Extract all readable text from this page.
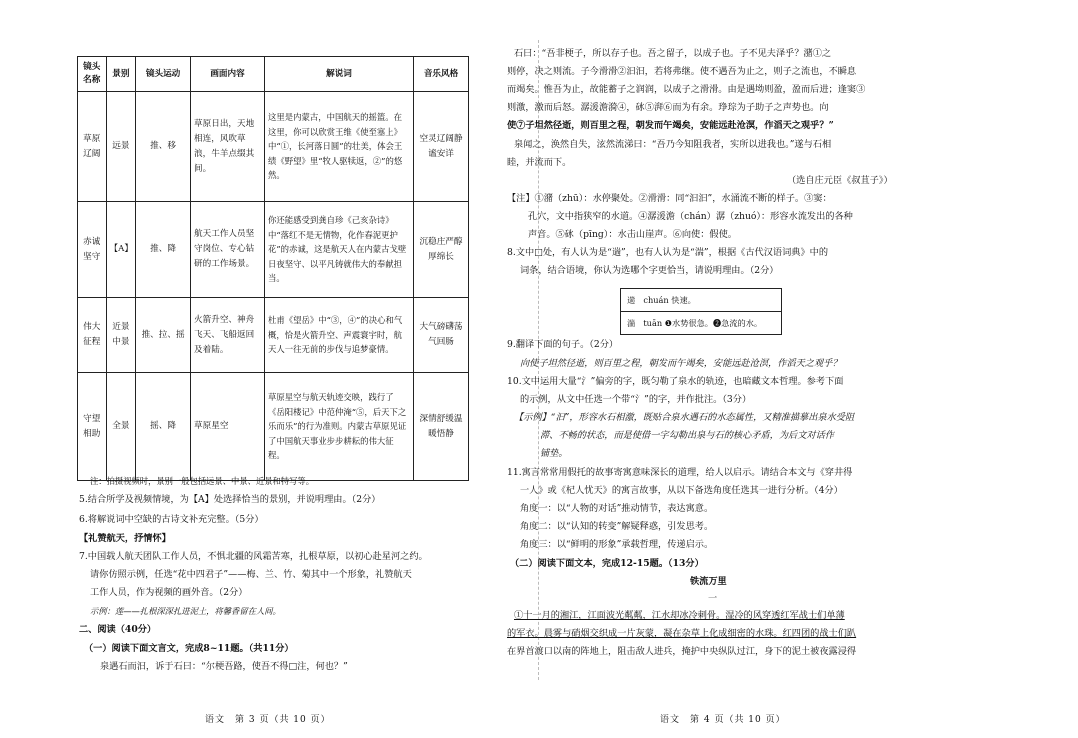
镜头名称	景别	镜头运动	画面内容	解说词	音乐风格
草原辽阔	远景	推、移	草原日出，天地相连，风吹草浪，牛羊点缀其间。	这里是内蒙古，中国航天的摇篮。在这里，你可以欣赏王维《使至塞上》中“①，长河落日圆”的壮美，体会王绩《野望》里“牧人驱犊返，②”的悠然。	空灵辽阔静谧安详
赤诚坚守	【A】	推、降	航天工作人员坚守岗位、专心钻研的工作场景。	你还能感受到龚自珍《己亥杂诗》中“落红不是无情物，化作春泥更护花”的赤诚，这是航天人在内蒙古戈壁日夜坚守、以平凡铸就伟大的奉献担当。	沉稳庄严醇厚绵长
伟大征程	近景中景	推、拉、摇	火箭升空、神舟飞天、飞船返回及着陆。	杜甫《望岳》中“③，④”的决心和气概，恰是火箭升空、声震寰宇时，航天人一往无前的步伐与追梦豪情。	大气磅礴荡气回肠
守望相助	全景	摇、降	草原星空	草原星空与航天轨迹交映，践行了《岳阳楼记》中范仲淹“⑤，后天下之乐而乐”的行为准则。内蒙古草原见证了中国航天事业步步耕耘的伟大征程。	深情舒缓温暖悟静
注：拍摄视频时，景别一般包括远景、中景、近景和特写等。
5.结合所学及视频情境，为【A】处选择恰当的景别，并说明理由。（2分）
6.将解说词中空缺的古诗文补充完整。（5分）
【礼赞航天，抒情怀】
7.中国载人航天团队工作人员，不惧北疆的风霜苦寒，扎根草原，以初心赴星河之约。
请你仿照示例，任选“花中四君子”——梅、兰、竹、菊其中一个形象，礼赞航天
工作人员，作为视频的画外音。（2分）
示例：莲——扎根深深扎进泥土，将馨香留在人间。
二、阅读（40分）
（一）阅读下面文言文，完成8~11题。（共11分）
泉遇石而汩，诉于石曰：“尔梗吾路，使吾不得□注，何也？”
语文　第 3 页（共 10 页）
石曰：“吾非梗子，所以存子也。吾之留子，以成子也。子不见夫泽乎？潴①之
则停，决之则流。子今滑滑②汩汩，若将弗继。使不遇吾为止之，则子之流也，不瞬息
而竭矣。惟吾为止，故能蓄子之润润，以成子之滑滑。由是遇坳则盈，盈而后进；逢窦③
则激，激而后怒。潺湲澹漪④，砯⑤湃⑥而为有余。琤琮为子助子之声势也。向
使⑦子坦然径逝，则百里之程，朝发而午竭矣，安能远赴沧溟，作滔天之观乎？”
泉闻之，涣然自失，泫然流涕曰：“吾乃今知阻我者，实所以进我也。”遂与石相
睦，并流而下。
（选自庄元臣《叔苴子》）
【注】①潴（zhū）：水停聚处。②滑滑：同“汩汩”，水涌流不断的样子。③窦：
孔穴，文中指狭窄的水道。④潺湲澹（chán）潺（zhuó）：形容水流发出的各种
声音。⑤砯（pīng）：水击山崖声。⑥向使：假使。
8.文中□处，有人认为是“遄”，也有人认为是“湍”，根据《古代汉语词典》中的
词条，结合语境，你认为选哪个字更恰当，请说明理由。（2分）
9.翻译下面的句子。（2分）
向使子坦然径逝，则百里之程，朝发而午竭矣，安能远赴沧溟，作滔天之观乎？
10.文中运用大量“氵”偏旁的字，既匀勒了泉水的轨迹，也暗藏文本哲理。参考下面
的示例，从文中任选一个带“氵”的字，并作批注。（3分）
【示例】“汩”，形容水石相激，既贴合泉水遇石的水态属性，又精准描摹出泉水受阻
滞、不畅的状态，而是使借一字勾勒出泉与石的核心矛盾，为后文对话作
铺垫。
11.寓言常常用假托的故事寄寓意味深长的道理，给人以启示。请结合本文与《穿井得
一人》或《杞人忧天》的寓言故事，从以下备选角度任选其一进行分析。（4分）
角度一：以“人物的对话”推动情节，表达寓意。
角度二：以“认知的转变”解疑释惑，引发思考。
角度三：以“鲜明的形象”承载哲理，传递启示。
（二）阅读下面文本，完成12-15题。（13分）
铁流万里
一
①十一月的湘江，江面波光粼粼，江水却冰冷刺骨。湿冷的风穿透红军战士们单薄
的军衣。晨雾与硝烟交织成一片灰蒙，凝在杂草上化成细密的水珠。红四团的战士们趴
在界首渡口以南的阵地上，阻击敌人进兵，掩护中央纵队过江，身下的泥土被夜露浸得
语文　第 4 页（共 10 页）
遄　chuán 快速。
湍　tuān ❶水势很急。❷急流的水。
